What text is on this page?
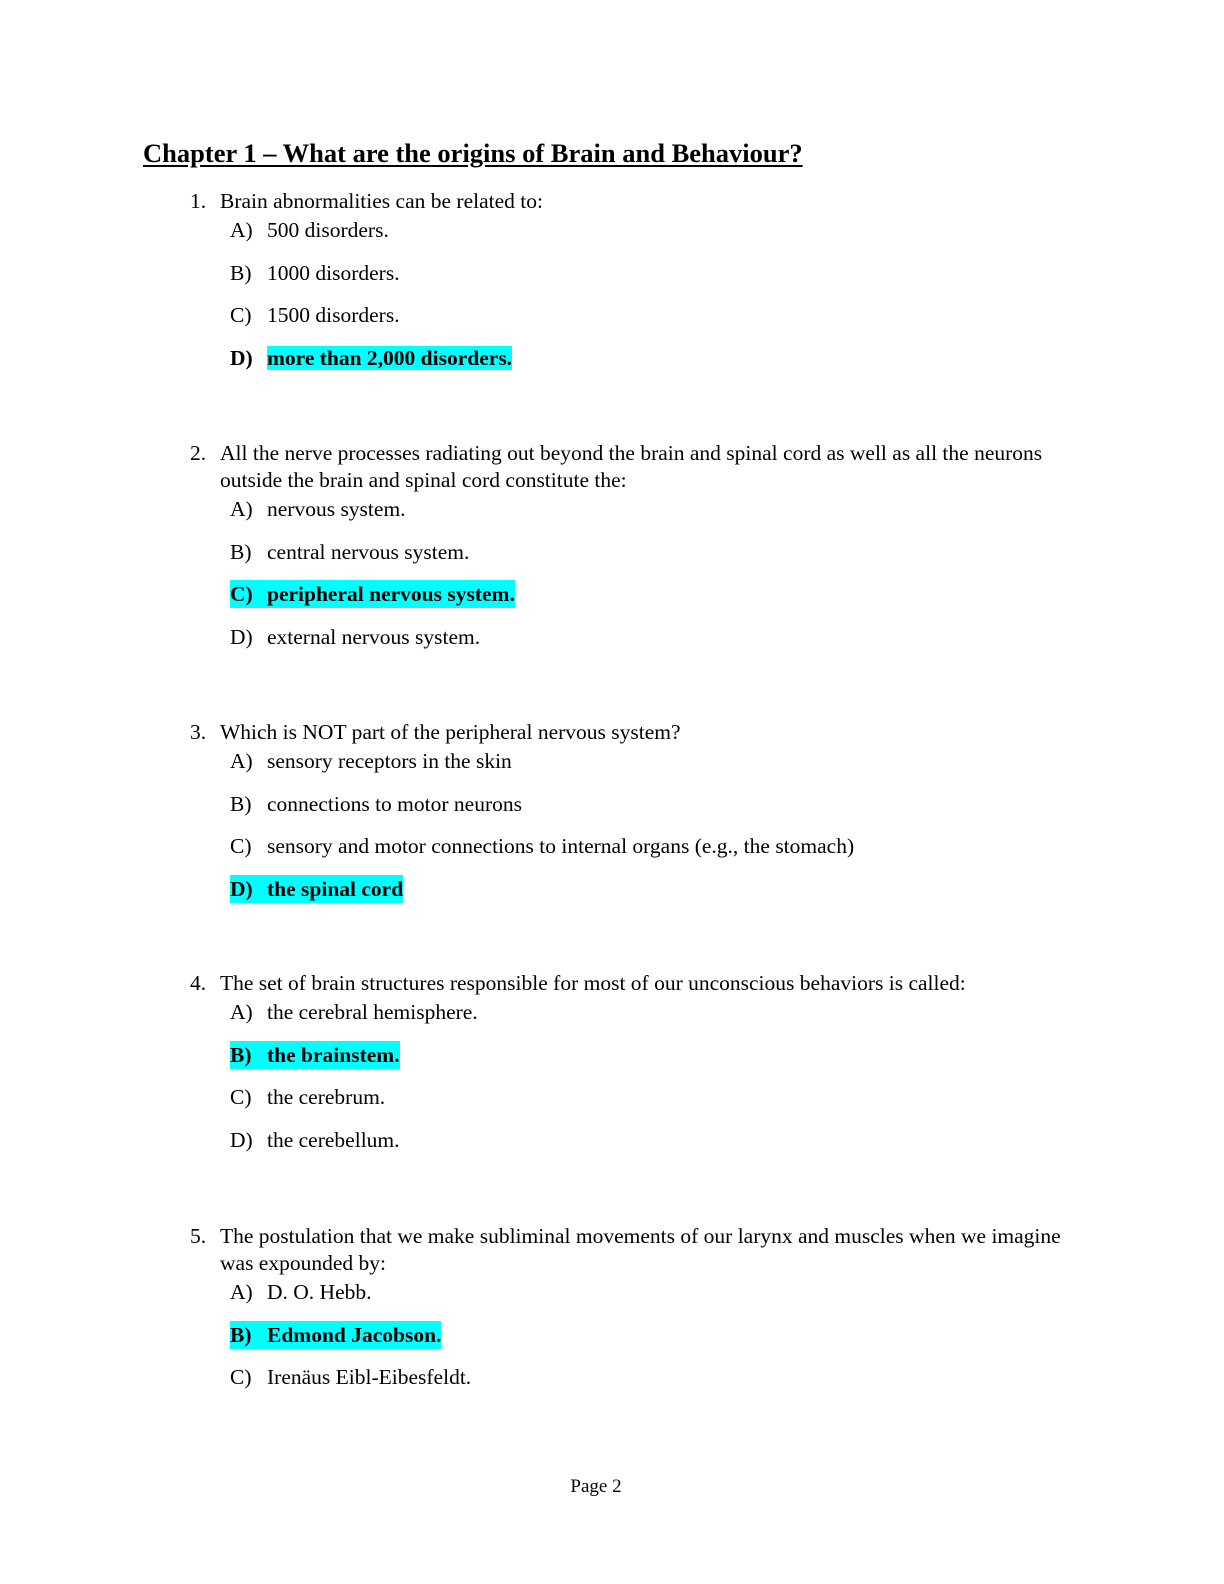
Chapter 1 – What are the origins of Brain and Behaviour?
1. Brain abnormalities can be related to:
A) 500 disorders.
B) 1000 disorders.
C) 1500 disorders.
D) more than 2,000 disorders.
2. All the nerve processes radiating out beyond the brain and spinal cord as well as all the neurons outside the brain and spinal cord constitute the:
A) nervous system.
B) central nervous system.
C) peripheral nervous system.
D) external nervous system.
3. Which is NOT part of the peripheral nervous system?
A) sensory receptors in the skin
B) connections to motor neurons
C) sensory and motor connections to internal organs (e.g., the stomach)
D) the spinal cord
4. The set of brain structures responsible for most of our unconscious behaviors is called:
A) the cerebral hemisphere.
B) the brainstem.
C) the cerebrum.
D) the cerebellum.
5. The postulation that we make subliminal movements of our larynx and muscles when we imagine was expounded by:
A) D. O. Hebb.
B) Edmond Jacobson.
C) Irenäus Eibl-Eibesfeldt.
Page 2
